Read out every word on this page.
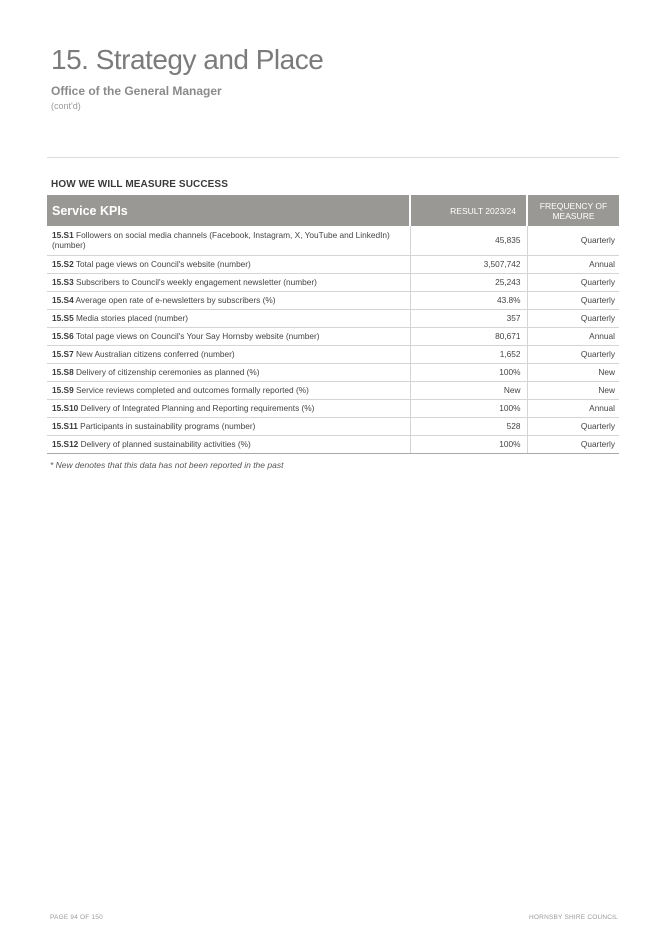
15. Strategy and Place
Office of the General Manager
(cont'd)
HOW WE WILL MEASURE SUCCESS
Service KPIs	RESULT 2023/24	FREQUENCY OF MEASURE
15.S1 Followers on social media channels (Facebook, Instagram, X, YouTube and LinkedIn) (number)	45,835	Quarterly
15.S2 Total page views on Council's website (number)	3,507,742	Annual
15.S3 Subscribers to Council's weekly engagement newsletter (number)	25,243	Quarterly
15.S4 Average open rate of e-newsletters by subscribers (%)	43.8%	Quarterly
15.S5 Media stories placed (number)	357	Quarterly
15.S6 Total page views on Council's Your Say Hornsby website (number)	80,671	Annual
15.S7 New Australian citizens conferred (number)	1,652	Quarterly
15.S8 Delivery of citizenship ceremonies as planned (%)	100%	New
15.S9 Service reviews completed and outcomes formally reported (%)	New	New
15.S10 Delivery of Integrated Planning and Reporting requirements (%)	100%	Annual
15.S11 Participants in sustainability programs (number)	528	Quarterly
15.S12 Delivery of planned sustainability activities (%)	100%	Quarterly
* New denotes that this data has not been reported in the past
PAGE 94 OF 150	HORNSBY SHIRE COUNCIL
